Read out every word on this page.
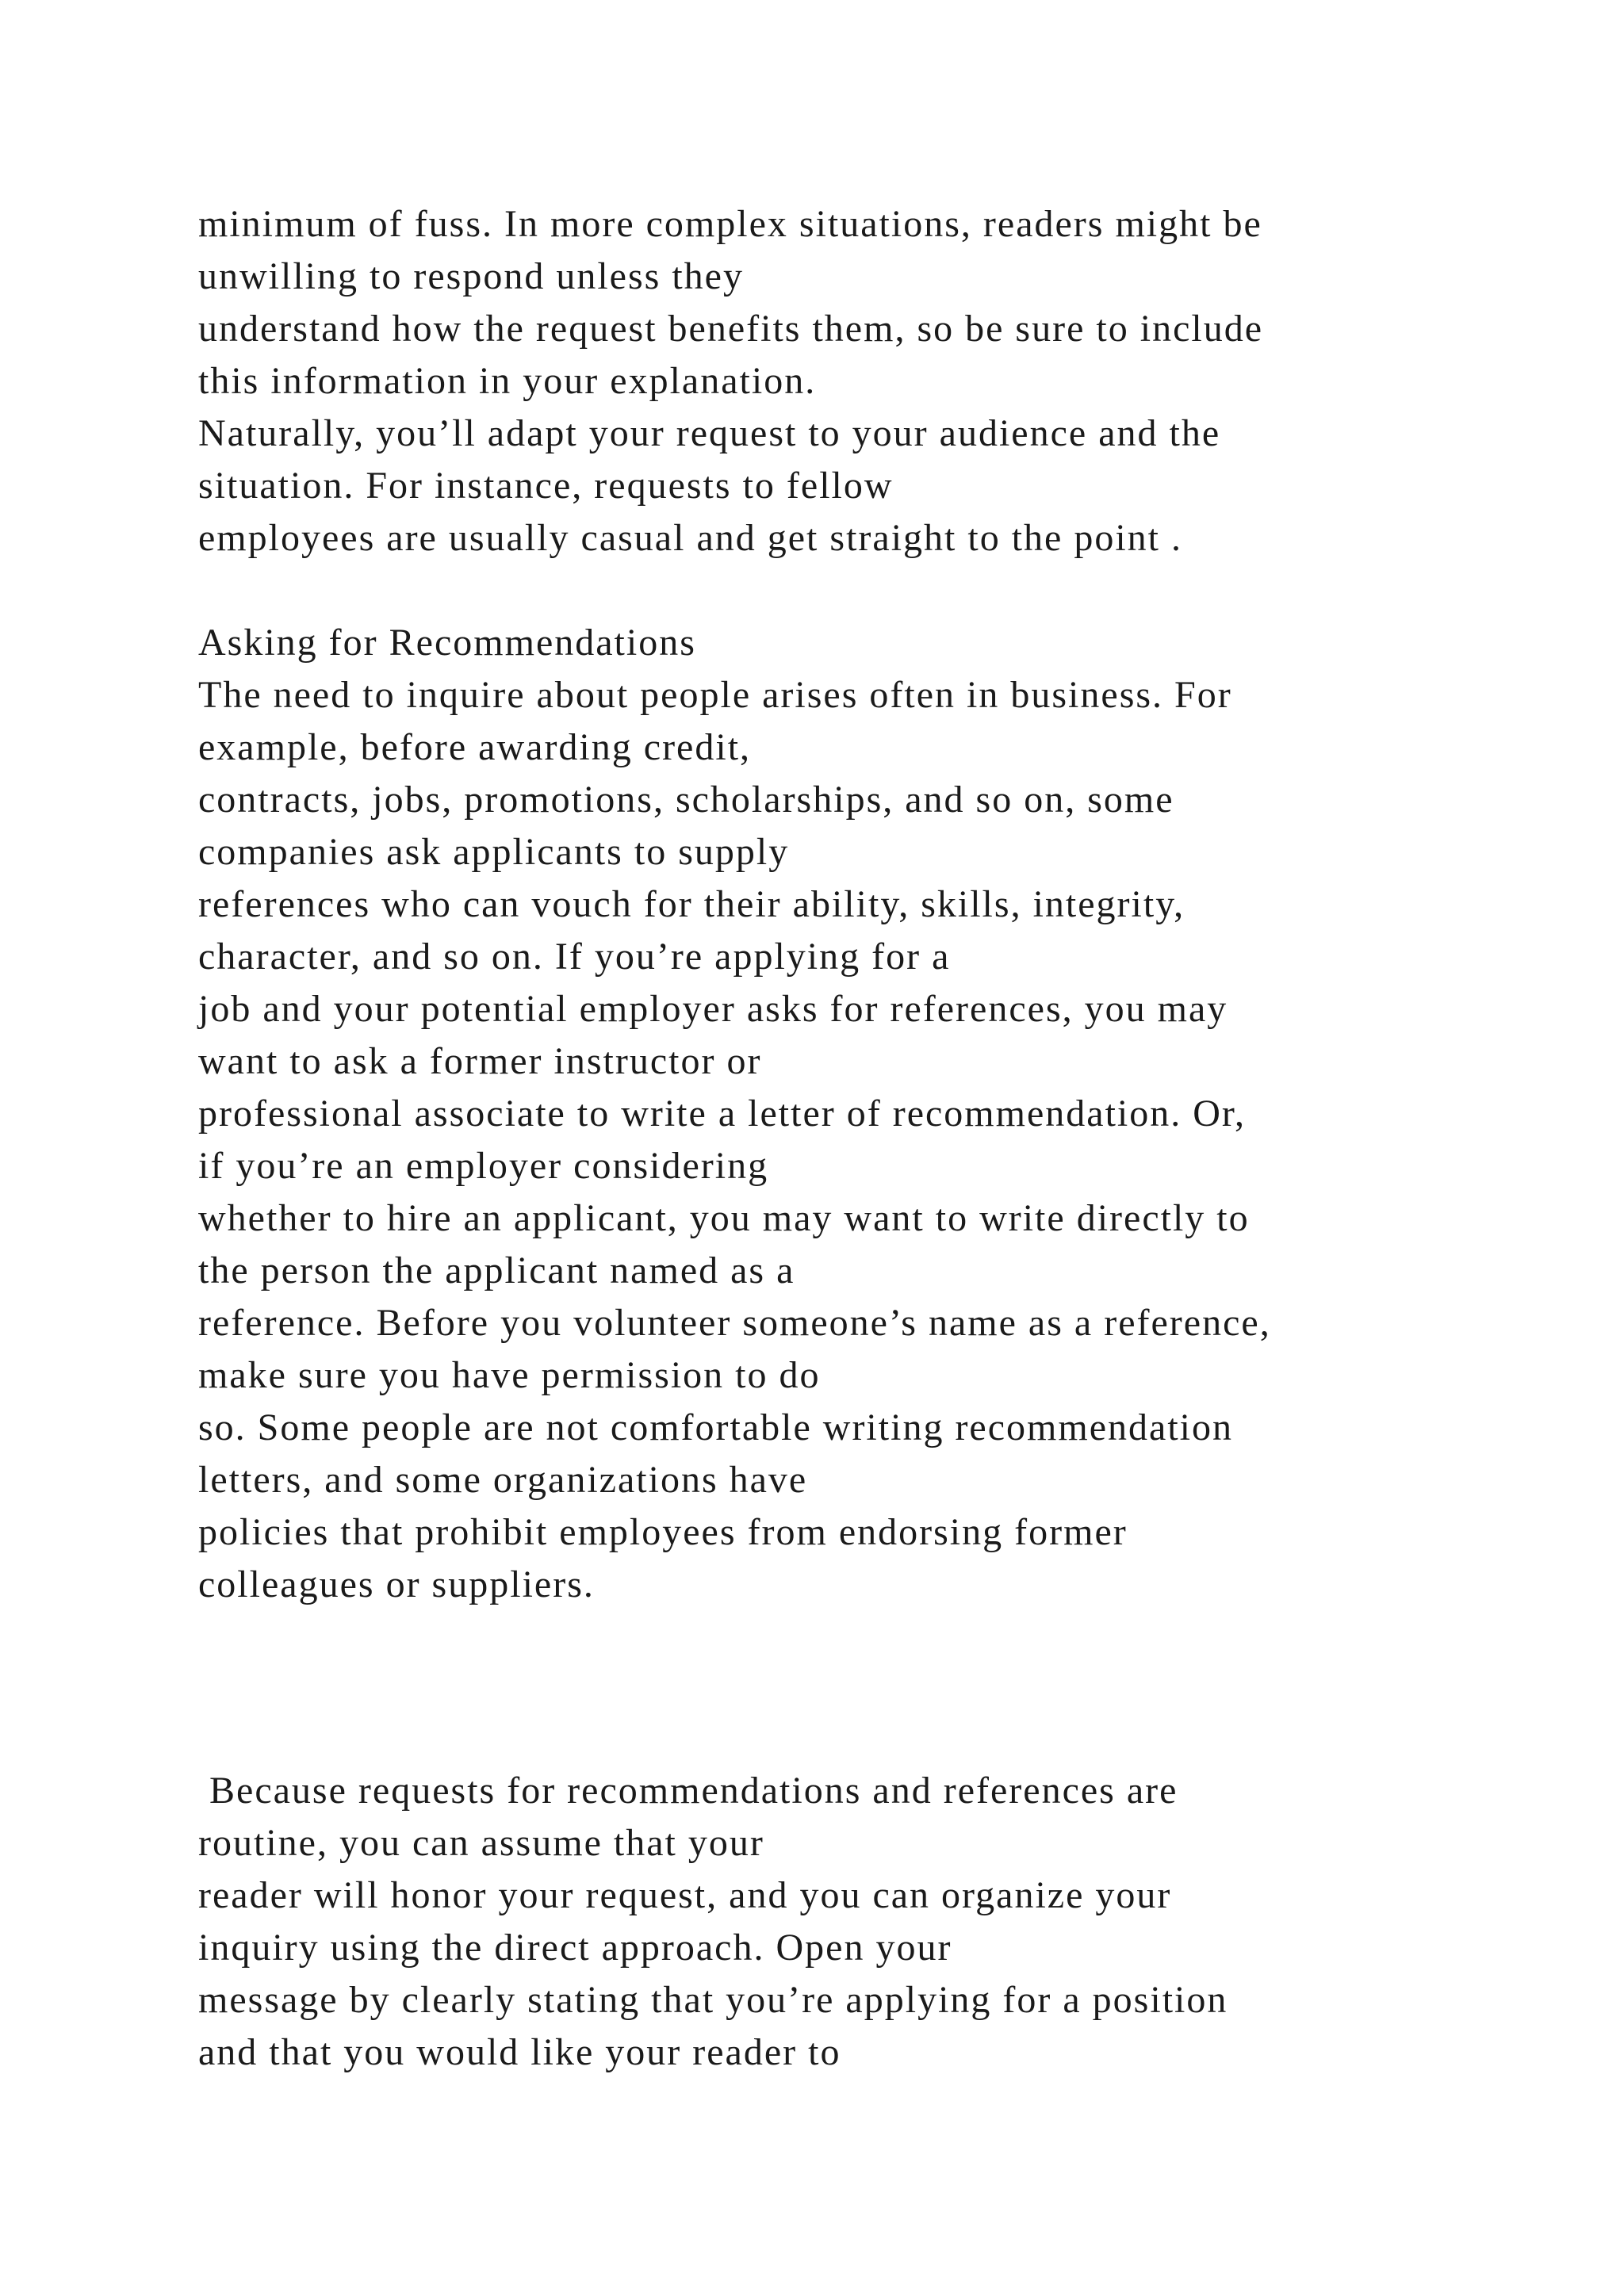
minimum of fuss. In more complex situations, readers might be
unwilling to respond unless they
understand how the request benefits them, so be sure to include
this information in your explanation.
Naturally, you’ll adapt your request to your audience and the
situation. For instance, requests to fellow
employees are usually casual and get straight to the point .
Asking for Recommendations
The need to inquire about people arises often in business. For
example, before awarding credit,
contracts, jobs, promotions, scholarships, and so on, some
companies ask applicants to supply
references who can vouch for their ability, skills, integrity,
character, and so on. If you’re applying for a
job and your potential employer asks for references, you may
want to ask a former instructor or
professional associate to write a letter of recommendation. Or,
if you’re an employer considering
whether to hire an applicant, you may want to write directly to
the person the applicant named as a
reference. Before you volunteer someone’s name as a reference,
make sure you have permission to do
so. Some people are not comfortable writing recommendation
letters, and some organizations have
policies that prohibit employees from endorsing former
colleagues or suppliers.
Because requests for recommendations and references are
routine, you can assume that your
reader will honor your request, and you can organize your
inquiry using the direct approach. Open your
message by clearly stating that you’re applying for a position
and that you would like your reader to
